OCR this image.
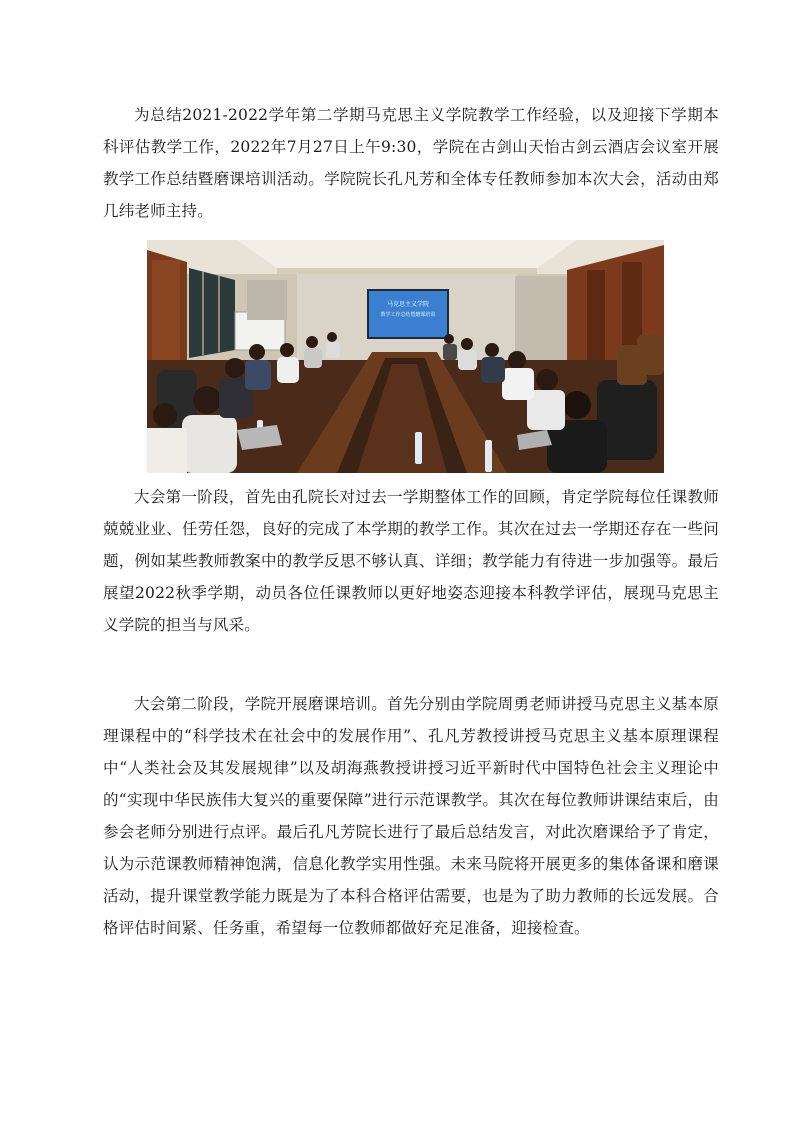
为总结2021-2022学年第二学期马克思主义学院教学工作经验，以及迎接下学期本科评估教学工作，2022年7月27日上午9:30，学院在古剑山天怡古剑云酒店会议室开展教学工作总结暨磨课培训活动。学院院长孔凡芳和全体专任教师参加本次大会，活动由郑几纬老师主持。

马克思主义学院
教学工作总结暨磨课培训

大会第一阶段，首先由孔院长对过去一学期整体工作的回顾，肯定学院每位任课教师兢兢业业、任劳任怨，良好的完成了本学期的教学工作。其次在过去一学期还存在一些问题，例如某些教师教案中的教学反思不够认真、详细；教学能力有待进一步加强等。最后展望2022秋季学期，动员各位任课教师以更好地姿态迎接本科教学评估，展现马克思主义学院的担当与风采。

大会第二阶段，学院开展磨课培训。首先分别由学院周勇老师讲授马克思主义基本原理课程中的“科学技术在社会中的发展作用”、孔凡芳教授讲授马克思主义基本原理课程中“人类社会及其发展规律”以及胡海燕教授讲授习近平新时代中国特色社会主义理论中的“实现中华民族伟大复兴的重要保障”进行示范课教学。其次在每位教师讲课结束后，由参会老师分别进行点评。最后孔凡芳院长进行了最后总结发言，对此次磨课给予了肯定，认为示范课教师精神饱满，信息化教学实用性强。未来马院将开展更多的集体备课和磨课活动，提升课堂教学能力既是为了本科合格评估需要，也是为了助力教师的长远发展。合格评估时间紧、任务重，希望每一位教师都做好充足准备，迎接检查。
